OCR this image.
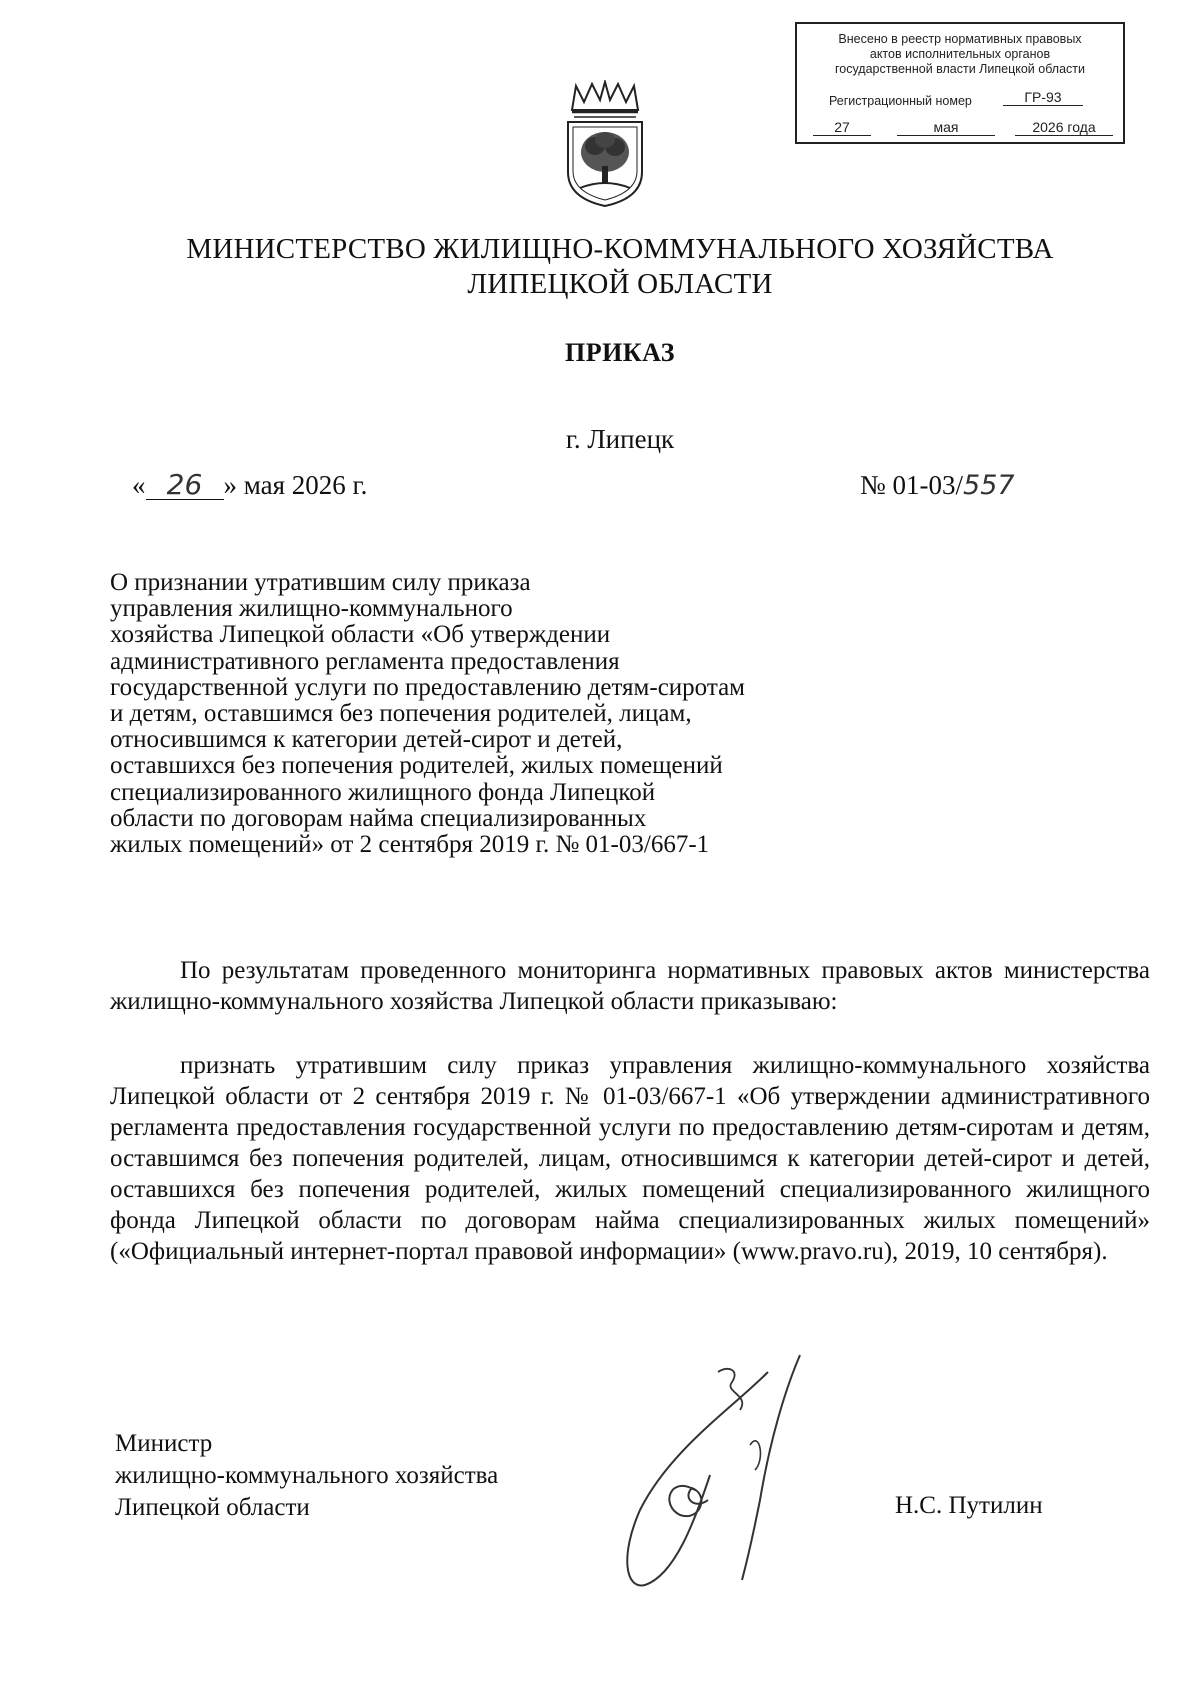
Внесено в реестр нормативных правовых
актов исполнительных органов
государственной власти Липецкой области
Регистрационный номер	ГР-93
27	мая	2026 года
МИНИСТЕРСТВО ЖИЛИЩНО-КОММУНАЛЬНОГО ХОЗЯЙСТВА
ЛИПЕЦКОЙ ОБЛАСТИ
ПРИКАЗ
г. Липецк
« 26 » мая 2026 г.	№ 01-03/557
О признании утратившим силу приказа
управления жилищно-коммунального
хозяйства Липецкой области «Об утверждении
административного регламента предоставления
государственной услуги по предоставлению детям-сиротам
и детям, оставшимся без попечения родителей, лицам,
относившимся к категории детей-сирот и детей,
оставшихся без попечения родителей, жилых помещений
специализированного жилищного фонда Липецкой
области по договорам найма специализированных
жилых помещений» от 2 сентября 2019 г. № 01-03/667-1
По результатам проведенного мониторинга нормативных правовых актов министерства жилищно-коммунального хозяйства Липецкой области приказываю:
признать утратившим силу приказ управления жилищно-коммунального хозяйства Липецкой области от 2 сентября 2019 г. № 01-03/667-1 «Об утверждении административного регламента предоставления государственной услуги по предоставлению детям-сиротам и детям, оставшимся без попечения родителей, лицам, относившимся к категории детей-сирот и детей, оставшихся без попечения родителей, жилых помещений специализированного жилищного фонда Липецкой области по договорам найма специализированных жилых помещений» («Официальный интернет-портал правовой информации» (www.pravo.ru), 2019, 10 сентября).
Министр
жилищно-коммунального хозяйства
Липецкой области	Н.С. Путилин
